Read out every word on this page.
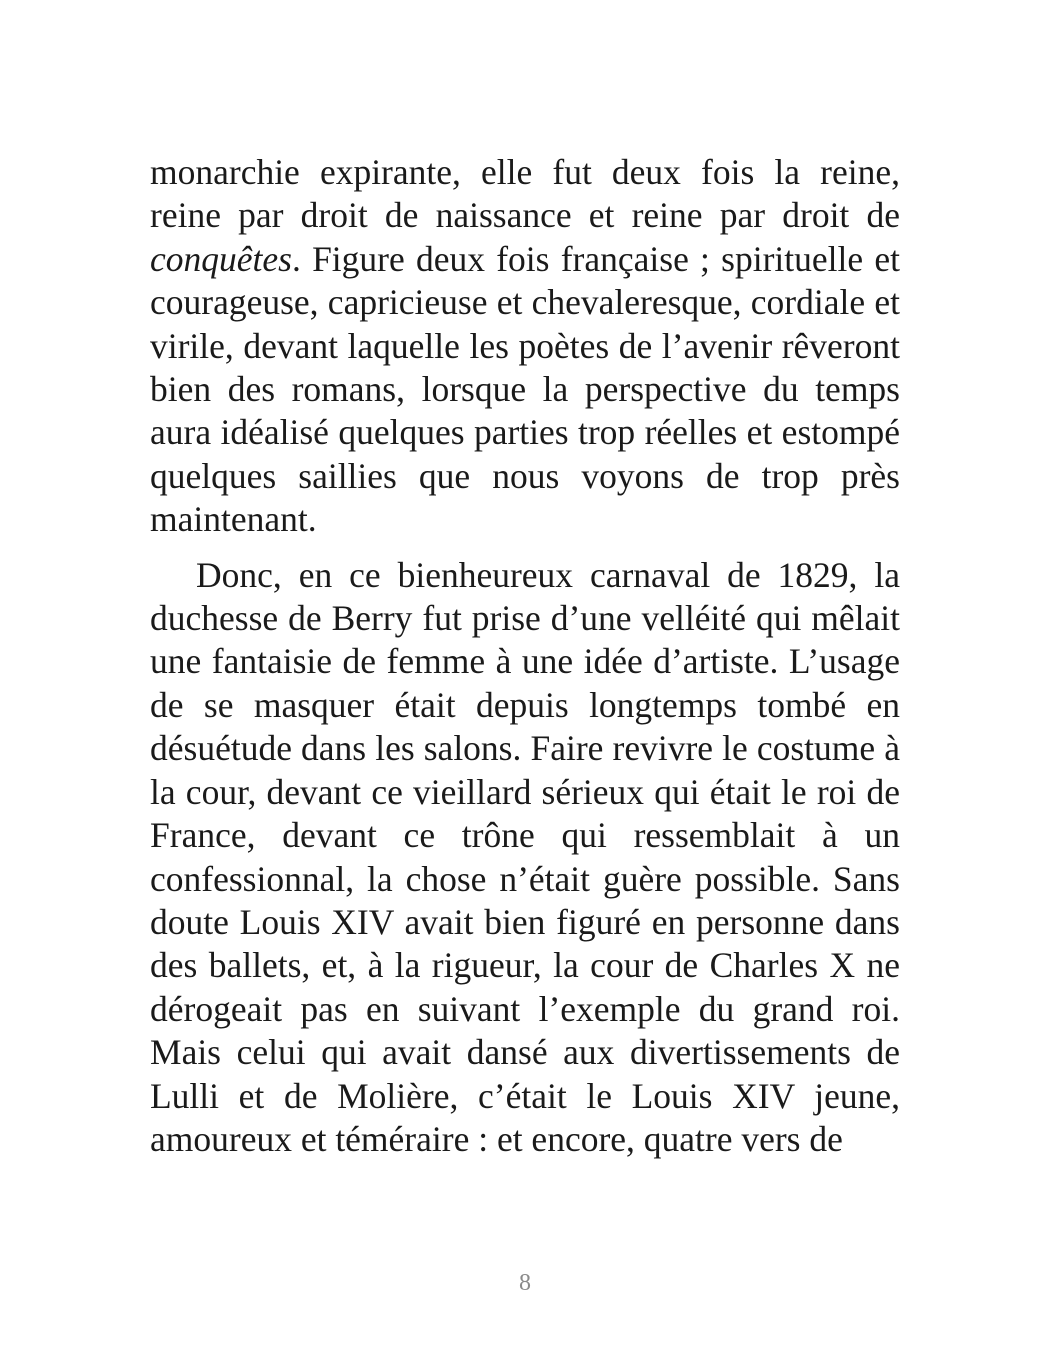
monarchie expirante, elle fut deux fois la reine, reine par droit de naissance et reine par droit de conquêtes. Figure deux fois française ; spirituelle et courageuse, capricieuse et chevaleresque, cordiale et virile, devant laquelle les poètes de l’avenir rêveront bien des romans, lorsque la perspective du temps aura idéalisé quelques parties trop réelles et estompé quelques saillies que nous voyons de trop près maintenant.

Donc, en ce bienheureux carnaval de 1829, la duchesse de Berry fut prise d’une velléité qui mêlait une fantaisie de femme à une idée d’artiste. L’usage de se masquer était depuis longtemps tombé en désuétude dans les salons. Faire revivre le costume à la cour, devant ce vieillard sérieux qui était le roi de France, devant ce trône qui ressemblait à un confessionnal, la chose n’était guère possible. Sans doute Louis XIV avait bien figuré en personne dans des ballets, et, à la rigueur, la cour de Charles X ne dérogeait pas en suivant l’exemple du grand roi. Mais celui qui avait dansé aux divertissements de Lulli et de Molière, c’était le Louis XIV jeune, amoureux et téméraire : et encore, quatre vers de

8
